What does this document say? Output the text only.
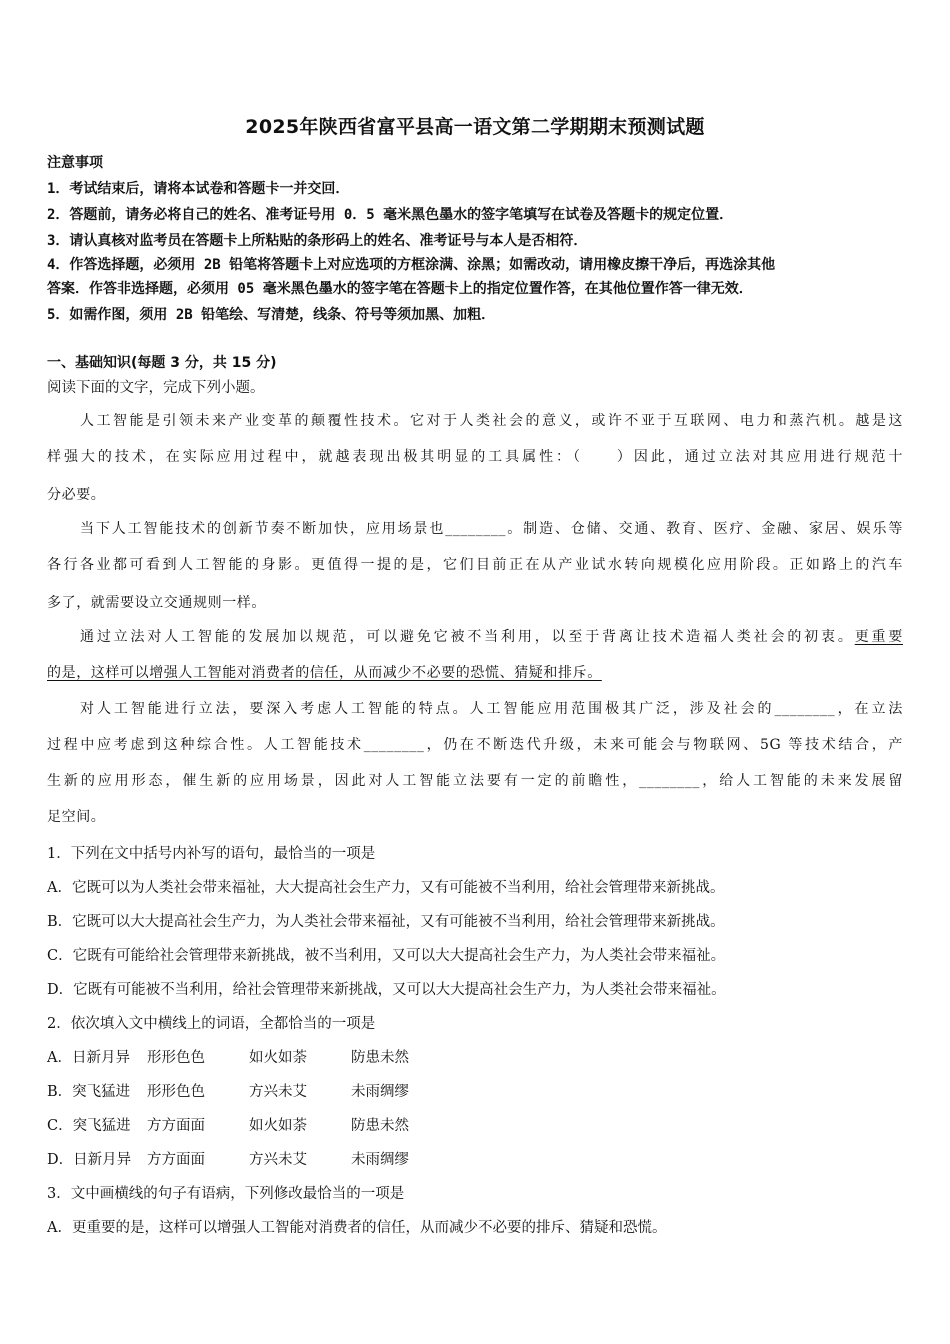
2025年陕西省富平县高一语文第二学期期末预测试题
注意事项
1．考试结束后，请将本试卷和答题卡一并交回．
2．答题前，请务必将自己的姓名、准考证号用 0．5 毫米黑色墨水的签字笔填写在试卷及答题卡的规定位置．
3．请认真核对监考员在答题卡上所粘贴的条形码上的姓名、准考证号与本人是否相符．
4．作答选择题，必须用 2B 铅笔将答题卡上对应选项的方框涂满、涂黑；如需改动，请用橡皮擦干净后，再选涂其他
答案．作答非选择题，必须用 05 毫米黑色墨水的签字笔在答题卡上的指定位置作答，在其他位置作答一律无效．
5．如需作图，须用 2B 铅笔绘、写清楚，线条、符号等须加黑、加粗．
一、基础知识(每题 3 分，共 15 分)
阅读下面的文字，完成下列小题。
人工智能是引领未来产业变革的颠覆性技术。它对于人类社会的意义，或许不亚于互联网、电力和蒸汽机。越是这
样强大的技术，在实际应用过程中，就越表现出极其明显的工具属性：（　　）因此，通过立法对其应用进行规范十
分必要。
当下人工智能技术的创新节奏不断加快，应用场景也________。制造、仓储、交通、教育、医疗、金融、家居、娱乐等
各行各业都可看到人工智能的身影。更值得一提的是，它们目前正在从产业试水转向规模化应用阶段。正如路上的汽车
多了，就需要设立交通规则一样。
通过立法对人工智能的发展加以规范，可以避免它被不当利用，以至于背离让技术造福人类社会的初衷。更重要
的是，这样可以增强人工智能对消费者的信任，从而减少不必要的恐慌、猜疑和排斥。
对人工智能进行立法，要深入考虑人工智能的特点。人工智能应用范围极其广泛，涉及社会的________，在立法
过程中应考虑到这种综合性。人工智能技术________，仍在不断迭代升级，未来可能会与物联网、5G 等技术结合，产
生新的应用形态，催生新的应用场景，因此对人工智能立法要有一定的前瞻性，________，给人工智能的未来发展留
足空间。
1．下列在文中括号内补写的语句，最恰当的一项是
A．它既可以为人类社会带来福祉，大大提高社会生产力，又有可能被不当利用，给社会管理带来新挑战。
B．它既可以大大提高社会生产力，为人类社会带来福祉，又有可能被不当利用，给社会管理带来新挑战。
C．它既有可能给社会管理带来新挑战，被不当利用，又可以大大提高社会生产力，为人类社会带来福祉。
D．它既有可能被不当利用，给社会管理带来新挑战，又可以大大提高社会生产力，为人类社会带来福祉。
2．依次填入文中横线上的词语，全都恰当的一项是
A．日新月异 形形色色	如火如荼	防患未然
B．突飞猛进 形形色色	方兴未艾	未雨绸缪
C．突飞猛进 方方面面	如火如荼	防患未然
D．日新月异 方方面面	方兴未艾	未雨绸缪
3．文中画横线的句子有语病，下列修改最恰当的一项是
A．更重要的是，这样可以增强人工智能对消费者的信任，从而减少不必要的排斥、猜疑和恐慌。
